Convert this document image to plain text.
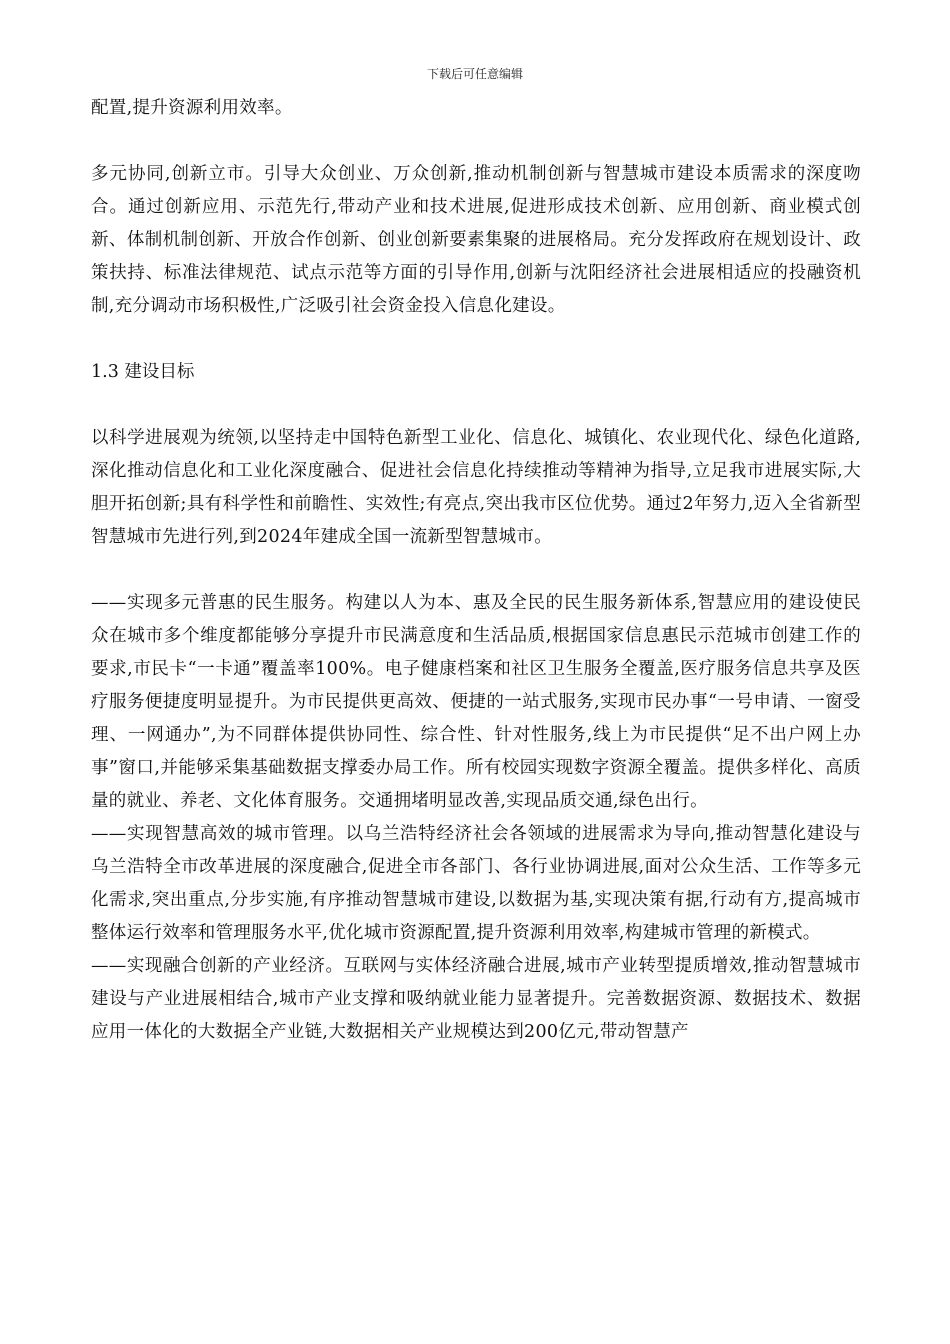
下载后可任意编辑

配置,提升资源利用效率。

多元协同,创新立市。引导大众创业、万众创新,推动机制创新与智慧城市建设本质需求的深度吻合。通过创新应用、示范先行,带动产业和技术进展,促进形成技术创新、应用创新、商业模式创新、体制机制创新、开放合作创新、创业创新要素集聚的进展格局。充分发挥政府在规划设计、政策扶持、标准法律规范、试点示范等方面的引导作用,创新与沈阳经济社会进展相适应的投融资机制,充分调动市场积极性,广泛吸引社会资金投入信息化建设。

1.3 建设目标

以科学进展观为统领,以坚持走中国特色新型工业化、信息化、城镇化、农业现代化、绿色化道路,深化推动信息化和工业化深度融合、促进社会信息化持续推动等精神为指导,立足我市进展实际,大胆开拓创新;具有科学性和前瞻性、实效性;有亮点,突出我市区位优势。通过2年努力,迈入全省新型智慧城市先进行列,到2024年建成全国一流新型智慧城市。

——实现多元普惠的民生服务。构建以人为本、惠及全民的民生服务新体系,智慧应用的建设使民众在城市多个维度都能够分享提升市民满意度和生活品质,根据国家信息惠民示范城市创建工作的要求,市民卡“一卡通”覆盖率100%。电子健康档案和社区卫生服务全覆盖,医疗服务信息共享及医疗服务便捷度明显提升。为市民提供更高效、便捷的一站式服务,实现市民办事“一号申请、一窗受理、一网通办”,为不同群体提供协同性、综合性、针对性服务,线上为市民提供“足不出户网上办事”窗口,并能够采集基础数据支撑委办局工作。所有校园实现数字资源全覆盖。提供多样化、高质量的就业、养老、文化体育服务。交通拥堵明显改善,实现品质交通,绿色出行。

——实现智慧高效的城市管理。以乌兰浩特经济社会各领域的进展需求为导向,推动智慧化建设与乌兰浩特全市改革进展的深度融合,促进全市各部门、各行业协调进展,面对公众生活、工作等多元化需求,突出重点,分步实施,有序推动智慧城市建设,以数据为基,实现决策有据,行动有方,提高城市整体运行效率和管理服务水平,优化城市资源配置,提升资源利用效率,构建城市管理的新模式。

——实现融合创新的产业经济。互联网与实体经济融合进展,城市产业转型提质增效,推动智慧城市建设与产业进展相结合,城市产业支撑和吸纳就业能力显著提升。完善数据资源、数据技术、数据应用一体化的大数据全产业链,大数据相关产业规模达到200亿元,带动智慧产
